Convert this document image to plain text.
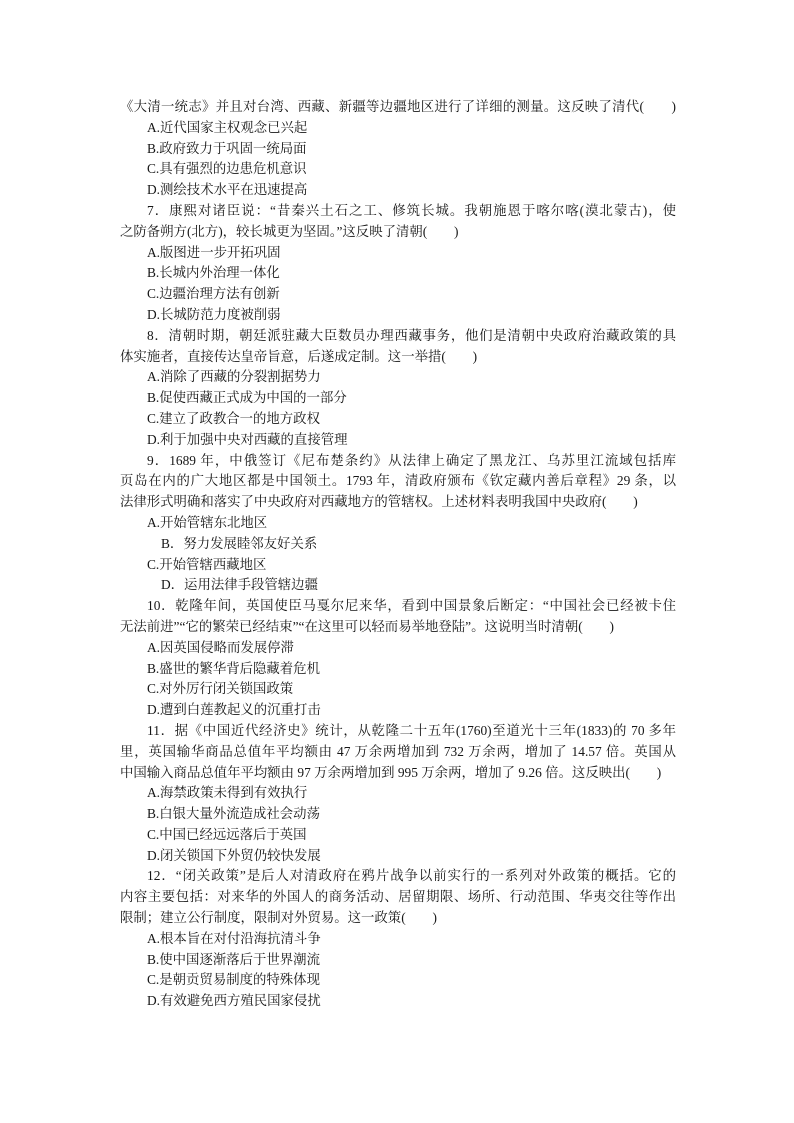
《大清一统志》并且对台湾、西藏、新疆等边疆地区进行了详细的测量。这反映了清代(　　)
A.近代国家主权观念已兴起
B.政府致力于巩固一统局面
C.具有强烈的边患危机意识
D.测绘技术水平在迅速提高
7．康熙对诸臣说：“昔秦兴土石之工、修筑长城。我朝施恩于喀尔喀(漠北蒙古)，使
之防备朔方(北方)，较长城更为坚固。”这反映了清朝(　　)
A.版图进一步开拓巩固
B.长城内外治理一体化
C.边疆治理方法有创新
D.长城防范力度被削弱
8．清朝时期，朝廷派驻藏大臣数员办理西藏事务，他们是清朝中央政府治藏政策的具
体实施者，直接传达皇帝旨意，后遂成定制。这一举措(　　)
A.消除了西藏的分裂割据势力
B.促使西藏正式成为中国的一部分
C.建立了政教合一的地方政权
D.利于加强中央对西藏的直接管理
9．1689 年，中俄签订《尼布楚条约》从法律上确定了黑龙江、乌苏里江流域包括库
页岛在内的广大地区都是中国领土。1793 年，清政府颁布《钦定藏内善后章程》29 条，以
法律形式明确和落实了中央政府对西藏地方的管辖权。上述材料表明我国中央政府(　　)
A.开始管辖东北地区
B．努力发展睦邻友好关系
C.开始管辖西藏地区
D．运用法律手段管辖边疆
10．乾隆年间，英国使臣马戛尔尼来华，看到中国景象后断定：“中国社会已经被卡住
无法前进”“它的繁荣已经结束”“在这里可以轻而易举地登陆”。这说明当时清朝(　　)
A.因英国侵略而发展停滞
B.盛世的繁华背后隐藏着危机
C.对外厉行闭关锁国政策
D.遭到白莲教起义的沉重打击
11．据《中国近代经济史》统计，从乾隆二十五年(1760)至道光十三年(1833)的 70 多年
里，英国输华商品总值年平均额由 47 万余两增加到 732 万余两，增加了 14.57 倍。英国从
中国输入商品总值年平均额由 97 万余两增加到 995 万余两，增加了 9.26 倍。这反映出(　　)
A.海禁政策未得到有效执行
B.白银大量外流造成社会动荡
C.中国已经远远落后于英国
D.闭关锁国下外贸仍较快发展
12．“闭关政策”是后人对清政府在鸦片战争以前实行的一系列对外政策的概括。它的
内容主要包括：对来华的外国人的商务活动、居留期限、场所、行动范围、华夷交往等作出
限制；建立公行制度，限制对外贸易。这一政策(　　)
A.根本旨在对付沿海抗清斗争
B.使中国逐渐落后于世界潮流
C.是朝贡贸易制度的特殊体现
D.有效避免西方殖民国家侵扰
